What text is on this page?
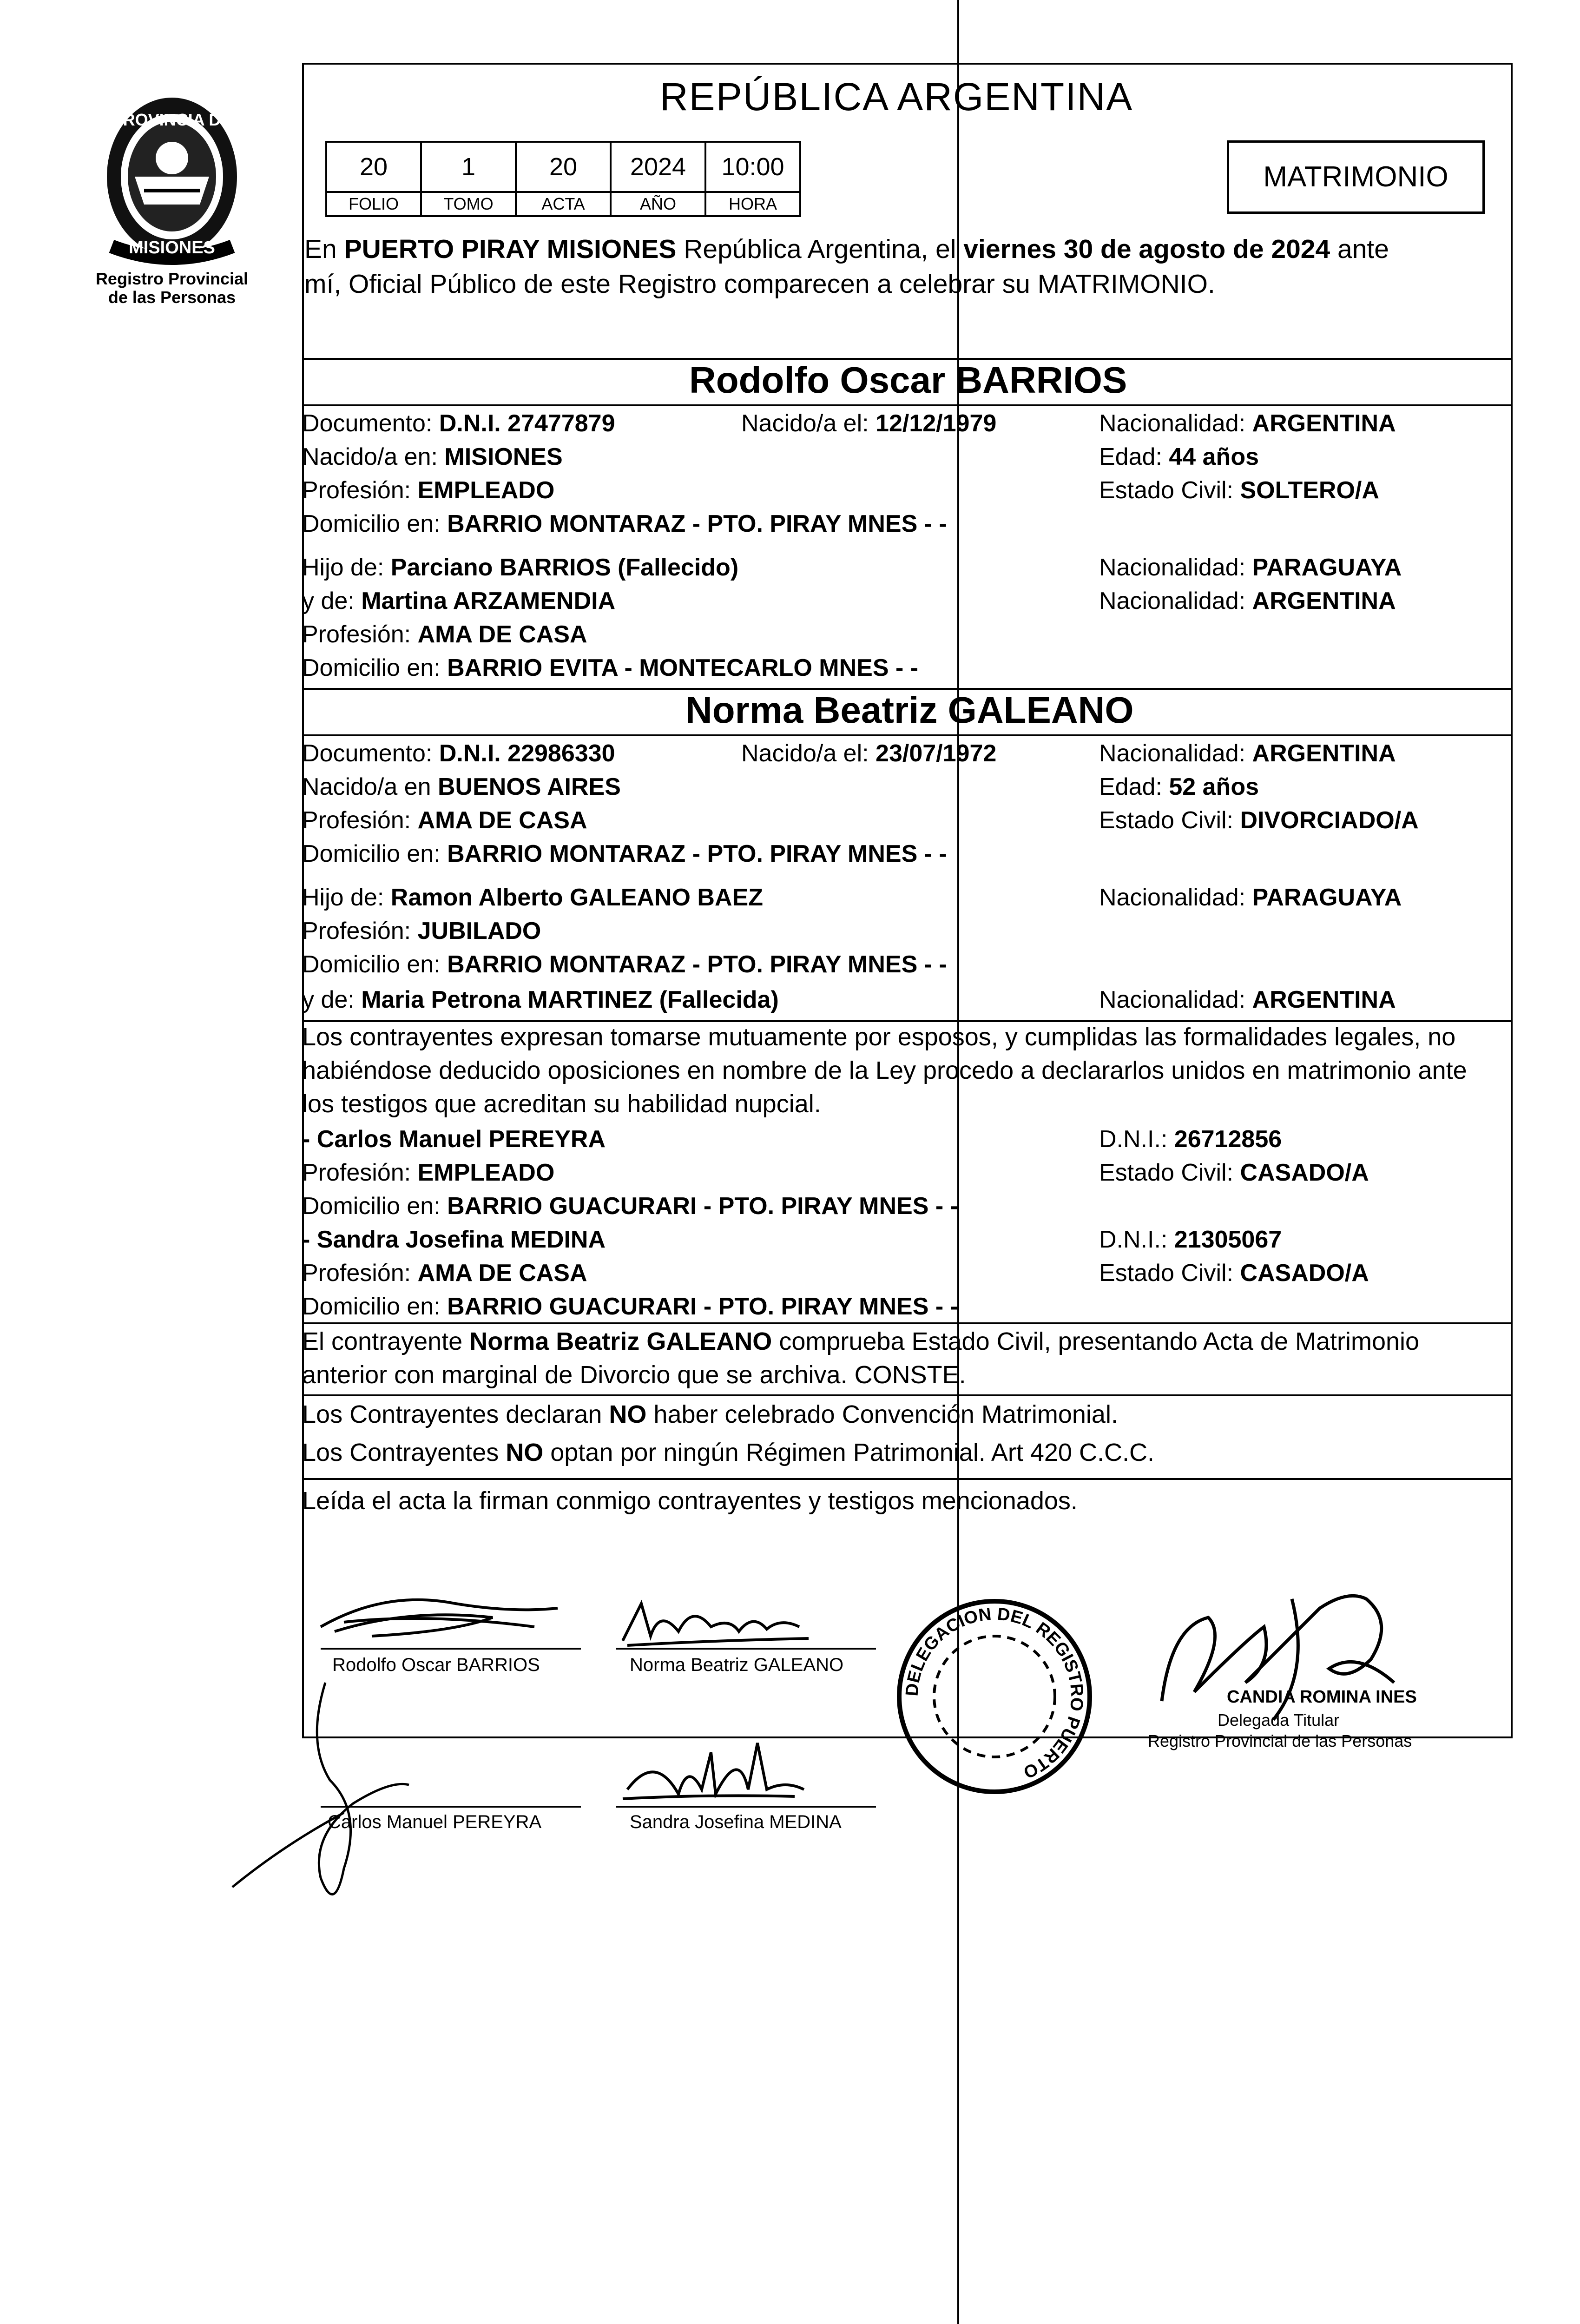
PROVINCIA DE
MISIONES
Registro Provincial
de las Personas
REPÚBLICA ARGENTINA
20	1	20	2024	10:00
FOLIO	TOMO	ACTA	AÑO	HORA
MATRIMONIO
En PUERTO PIRAY MISIONES República Argentina, el viernes 30 de agosto de 2024 ante
mí, Oficial Público de este Registro comparecen a celebrar su MATRIMONIO.
Rodolfo Oscar BARRIOS
Documento: D.N.I. 27477879	Nacido/a el: 12/12/1979	Nacionalidad: ARGENTINA
Nacido/a en: MISIONES	Edad: 44 años
Profesión: EMPLEADO	Estado Civil: SOLTERO/A
Domicilio en: BARRIO MONTARAZ - PTO. PIRAY MNES - -
Hijo de: Parciano BARRIOS (Fallecido)	Nacionalidad: PARAGUAYA
y de: Martina ARZAMENDIA	Nacionalidad: ARGENTINA
Profesión: AMA DE CASA
Domicilio en: BARRIO EVITA - MONTECARLO MNES - -
Norma Beatriz GALEANO
Documento: D.N.I. 22986330	Nacido/a el: 23/07/1972	Nacionalidad: ARGENTINA
Nacido/a en BUENOS AIRES	Edad: 52 años
Profesión: AMA DE CASA	Estado Civil: DIVORCIADO/A
Domicilio en: BARRIO MONTARAZ - PTO. PIRAY MNES - -
Hijo de: Ramon Alberto GALEANO BAEZ	Nacionalidad: PARAGUAYA
Profesión: JUBILADO
Domicilio en: BARRIO MONTARAZ - PTO. PIRAY MNES - -
y de: Maria Petrona MARTINEZ (Fallecida)	Nacionalidad: ARGENTINA
Los contrayentes expresan tomarse mutuamente por esposos, y cumplidas las formalidades legales, no
habiéndose deducido oposiciones en nombre de la Ley procedo a declararlos unidos en matrimonio ante
los testigos que acreditan su habilidad nupcial.
- Carlos Manuel PEREYRA	D.N.I.: 26712856
Profesión: EMPLEADO	Estado Civil: CASADO/A
Domicilio en: BARRIO GUACURARI - PTO. PIRAY MNES - -
- Sandra Josefina MEDINA	D.N.I.: 21305067
Profesión: AMA DE CASA	Estado Civil: CASADO/A
Domicilio en: BARRIO GUACURARI - PTO. PIRAY MNES - -
El contrayente Norma Beatriz GALEANO comprueba Estado Civil, presentando Acta de Matrimonio
anterior con marginal de Divorcio que se archiva. CONSTE.
Los Contrayentes declaran NO haber celebrado Convención Matrimonial.
Los Contrayentes NO optan por ningún Régimen Patrimonial. Art 420 C.C.C.
Leída el acta la firman conmigo contrayentes y testigos mencionados.
Rodolfo Oscar BARRIOS	Norma Beatriz GALEANO
Carlos Manuel PEREYRA	Sandra Josefina MEDINA
DELEGACION DEL REGISTRO PUERTO
CANDIA ROMINA INES
Delegada Titular
Registro Provincial de las Personas
